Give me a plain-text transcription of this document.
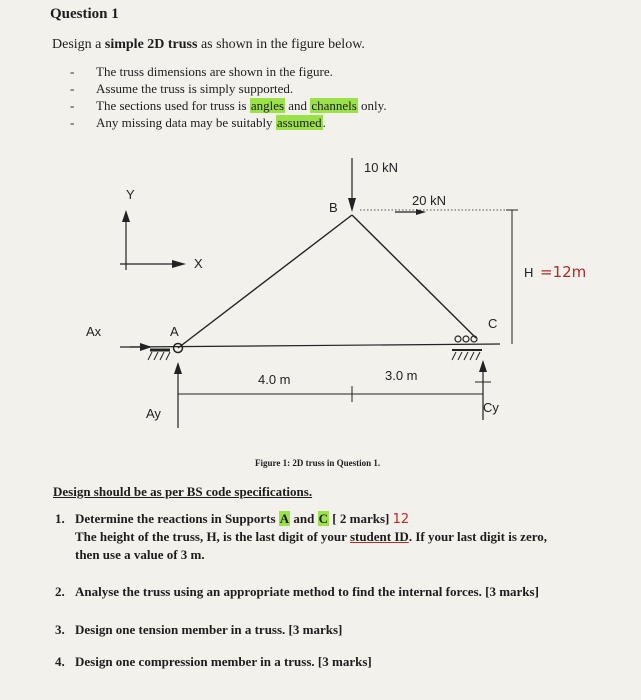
Question 1
Design a simple 2D truss as shown in the figure below.
- The truss dimensions are shown in the figure.
- Assume the truss is simply supported.
- The sections used for truss is angles and channels only.
- Any missing data may be suitably assumed.
10 kN
20 kN
B
Y
X
A
Ax
Ay
C
Cy
4.0 m	3.0 m
H =12m
Figure 1: 2D truss in Question 1.
Design should be as per BS code specifications.
1. Determine the reactions in Supports A and C [ 2 marks] 12
The height of the truss, H, is the last digit of your student ID. If your last digit is zero,
then use a value of 3 m.
2. Analyse the truss using an appropriate method to find the internal forces. [3 marks]
3. Design one tension member in a truss. [3 marks]
4. Design one compression member in a truss. [3 marks]
